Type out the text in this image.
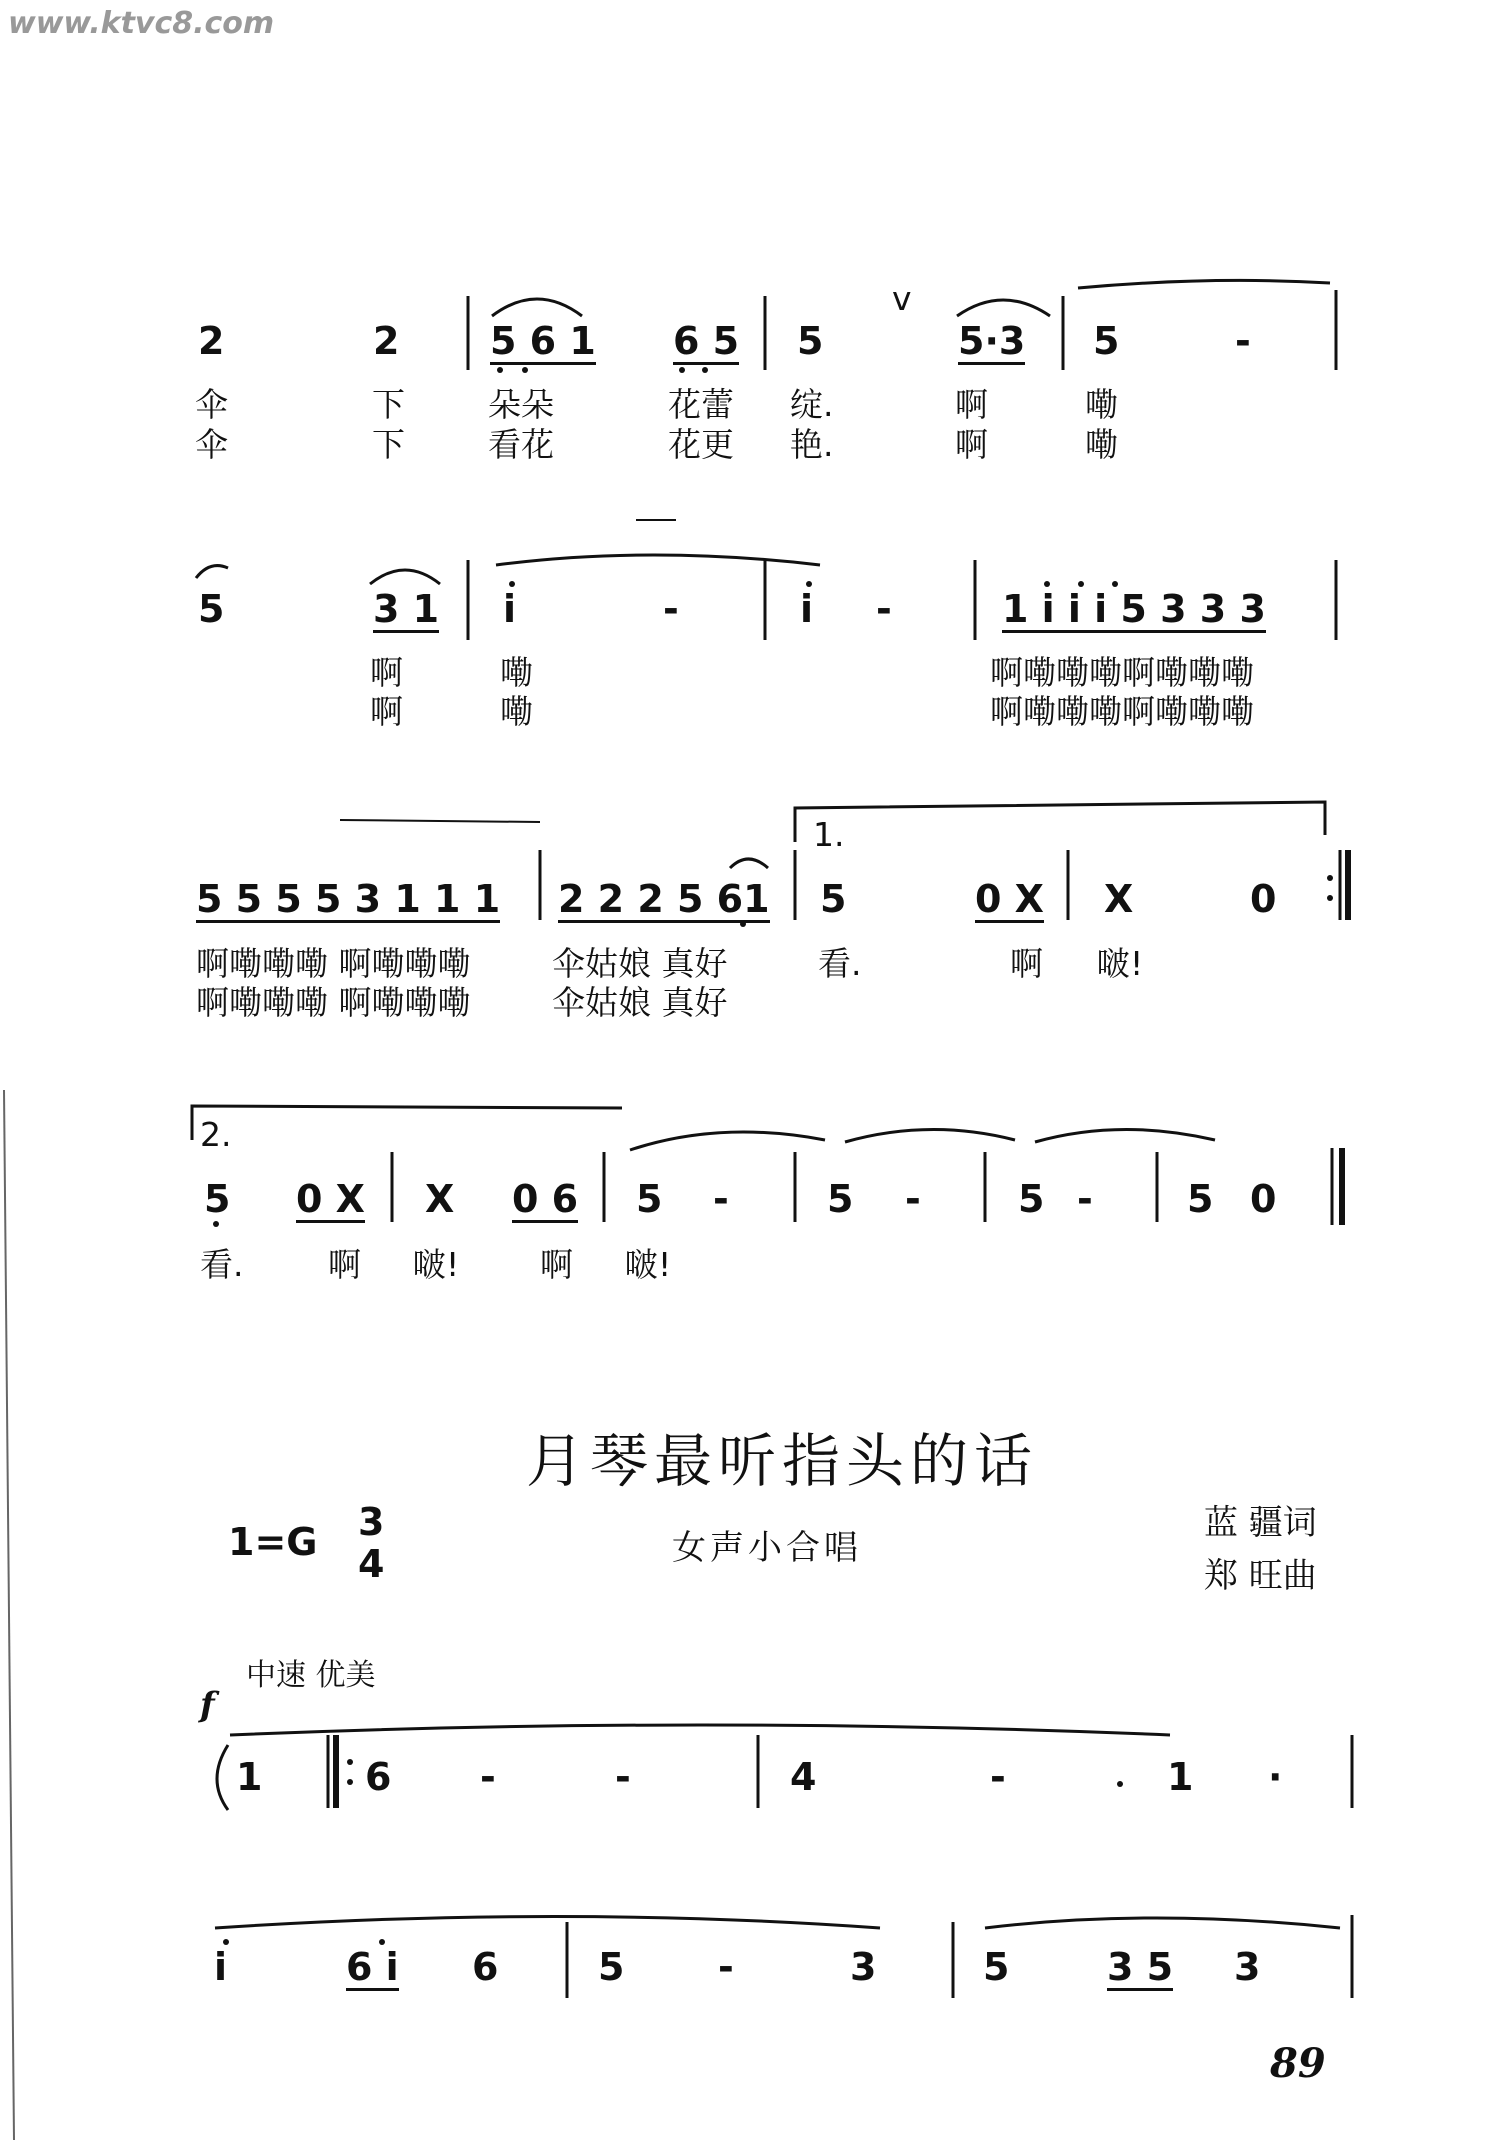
www.ktvc8.com
2	2 5 6 1 6 5 5
v
5·3 5	-
伞	下	朵朵	花蕾 绽.	啊	嘞
伞	下	看花	花更 艳.	啊	嘞
5	3 1 i	-	i -	1 i i i 5 3 3 3
啊	嘞	啊嘞嘞嘞啊嘞嘞嘞
啊	嘞	啊嘞嘞嘞啊嘞嘞嘞
1.
5 5 5 5 3 1 1 1 2 2 2 5 61 5	0 X X	0
啊嘞嘞嘞 啊嘞嘞嘞 伞姑娘 真好	看.	啊 啵!
啊嘞嘞嘞 啊嘞嘞嘞 伞姑娘 真好
2.
5 0 X X 0 6 5 -	5 -	5 - 5 0
看.	啊 啵! 啊 啵!
月琴最听指头的话
1=G 3
4	女声小合唱
蓝 疆词
郑 旺曲
中速 优美
f
1	6 -	-	4	-	1 ·
i	6 i 6	5 -	3	5	3 5 3
89
